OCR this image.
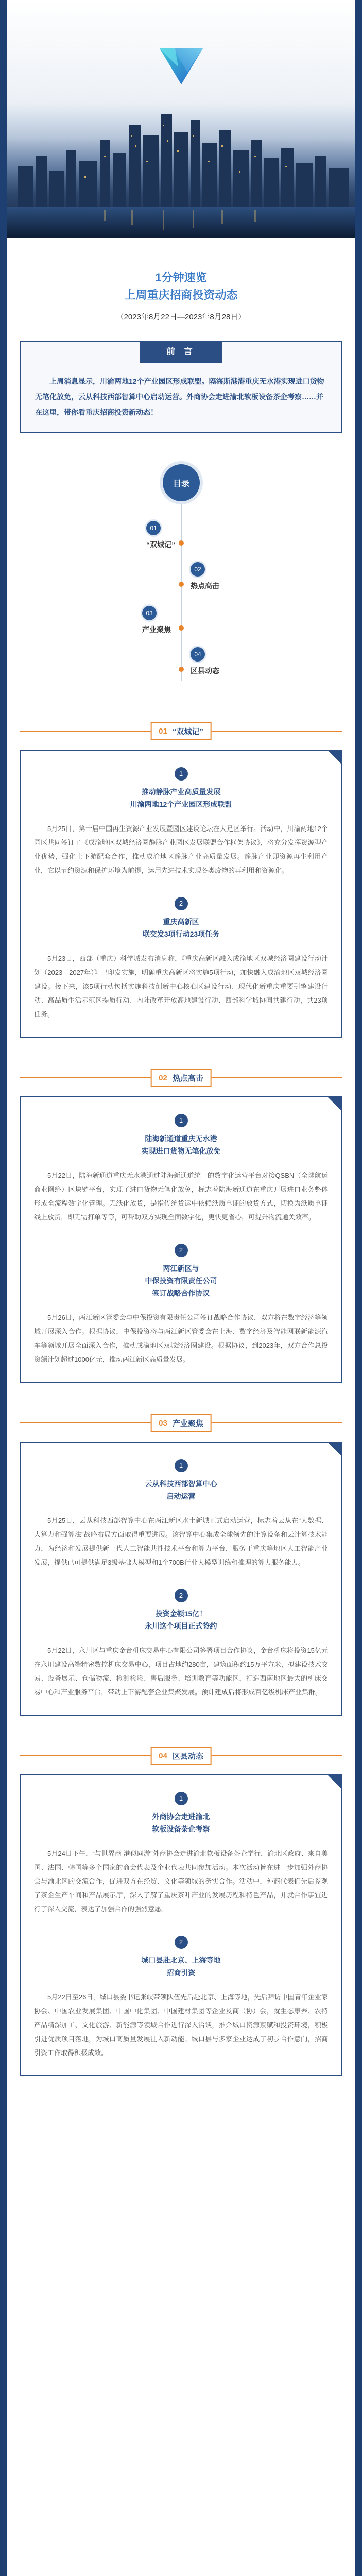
1分钟速览
上周重庆招商投资动态
（2023年8月22日—2023年8月28日）
前 言
上周消息显示，川渝两地12个产业园区形成联盟。隔海斯港港重庆无水港实现进口货物无笔化放免，云从科技西部智算中心启动运营。外商协会走进渝北软板设备茶企考察……并在这里，带你看重庆招商投资新动态！
目录
01
“双城记”
02
热点高击
03
产业聚焦
04
区县动态
01 “双城记”
1
推动静脉产业高质量发展
川渝两地12个产业园区形成联盟
5月25日，第十届中国再生资源产业发展暨园区建设论坛在大足区举行。活动中，川渝两地12个园区共同签订了《成渝地区双城经济圈静脉产业园区发展联盟合作框架协议》，将充分发挥资源型产业优势，强化上下游配套合作，推动成渝地区静脉产业高质量发展。静脉产业即资源再生利用产业，它以节约资源和保护环境为前提，运用先进技术实现各类废物的再利用和资源化。
2
重庆高新区
联交发3项行动23项任务
5月23日，西部（重庆）科学城发布消息称，《重庆高新区融入成渝地区双城经济圈建设行动计划（2023—2027年）》已印发实施，明确重庆高新区将实施5项行动，加快融入成渝地区双城经济圈建设。接下来，该5项行动包括实施科技创新中心核心区建设行动、现代化新重庆重要引擎建设行动、高品质生活示范区提质行动、内陆改革开放高地建设行动、西部科学城协同共建行动，共23项任务。
02 热点高击
1
陆海新通道重庆无水港
实现进口货物无笔化放免
5月22日，陆海新通道重庆无水港通过陆海新通道统一的数字化运营平台对接QSBN（全球航运商业网络）区块链平台，实现了进口货物无笔化放免，标志着陆海新通道在重庆开展进口业务整体形成全流程数字化管理。无纸化放货，是指传统货运中依赖纸质单证的放货方式，切换为纸质单证线上放货，即无需打单等等，可帮助双方实现全面数字化，更快更省心，可提升物流通关效率。
2
两江新区与
中保投资有限责任公司
签订战略合作协议
5月26日，两江新区管委会与中保投资有限责任公司签订战略合作协议，双方将在数字经济等领域开展深入合作。根据协议，中保投资将与两江新区管委会在上海、数字经济及智能网联新能源汽车等领域开展全面深入合作，推动成渝地区双城经济圈建设。根据协议，到2023年，双方合作总投资额计划超过1000亿元，推动两江新区高质量发展。
03 产业聚焦
1
云从科技西部智算中心
启动运营
5月25日，云从科技西部智算中心在两江新区水土新城正式启动运营，标志着云从在“大数据、大算力和强算法”战略布局方面取得重要进展。该智算中心集成全球领先的计算设备和云计算技术能力，为经济和发展提供新一代人工智能共性技术平台和算力平台，服务于重庆等地区人工智能产业发展，提供已可提供满足3级基础大模型和1个700B行业大模型训练和推理的算力服务能力。
2
投资金额15亿！
永川这个项目正式签约
5月22日，永川区与重庆金台机床交易中心有限公司签署项目合作协议，金台机床将投资15亿元在永川建设高端精密数控机床交易中心，项目占地约280亩，建筑面积约15万平方米，拟建设技术交易、设备展示、仓储物流、检测检验、售后服务、培训教育等功能区，打造西南地区最大的机床交易中心和产业服务平台，带动上下游配套企业集聚发展。预计建成后将形成百亿级机床产业集群。
04 区县动态
1
外商协会走进渝北
软板设备茶企考察
5月24日下午，“与世界商 港似同游”外商协会走进渝北软板设备茶企学行，渝北区政府、来自美国、法国、韩国等多个国家的商会代表及企业代表共同参加活动。本次活动旨在进一步加强外商协会与渝北区的交流合作，促进双方在经贸、文化等领域的务实合作。活动中，外商代表们先后参观了茶企生产车间和产品展示厅，深入了解了重庆茶叶产业的发展历程和特色产品，并就合作事宜进行了深入交流，表达了加强合作的强烈意愿。
2
城口县赴北京、上海等地
招商引资
5月22日至26日，城口县委书记张峡带领队伍先后赴北京、上海等地，先后拜访中国青年企业家协会、中国农业发展集团、中国中化集团、中国建材集团等企业及商（协）会，就生态康养、农特产品精深加工、文化旅游、新能源等领域合作进行深入洽谈，推介城口资源禀赋和投资环境，积极引进优质项目落地，为城口高质量发展注入新动能。城口县与多家企业达成了初步合作意向，招商引资工作取得积极成效。
